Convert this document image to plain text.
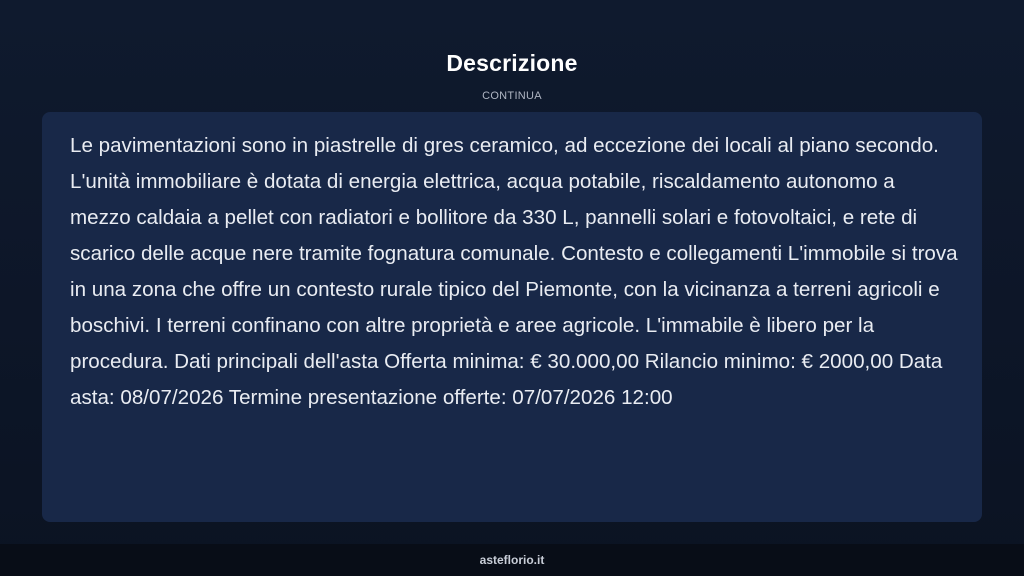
Descrizione
CONTINUA

Le pavimentazioni sono in piastrelle di gres ceramico, ad eccezione dei locali al piano secondo. L'unità immobiliare è dotata di energia elettrica, acqua potabile, riscaldamento autonomo a mezzo caldaia a pellet con radiatori e bollitore da 330 L, pannelli solari e fotovoltaici, e rete di scarico delle acque nere tramite fognatura comunale. Contesto e collegamenti L'immobile si trova in una zona che offre un contesto rurale tipico del Piemonte, con la vicinanza a terreni agricoli e boschivi. I terreni confinano con altre proprietà e aree agricole. L'immabile è libero per la procedura. Dati principali dell'asta Offerta minima: € 30.000,00 Rilancio minimo: € 2000,00 Data asta: 08/07/2026 Termine presentazione offerte: 07/07/2026 12:00

asteflorio.it
